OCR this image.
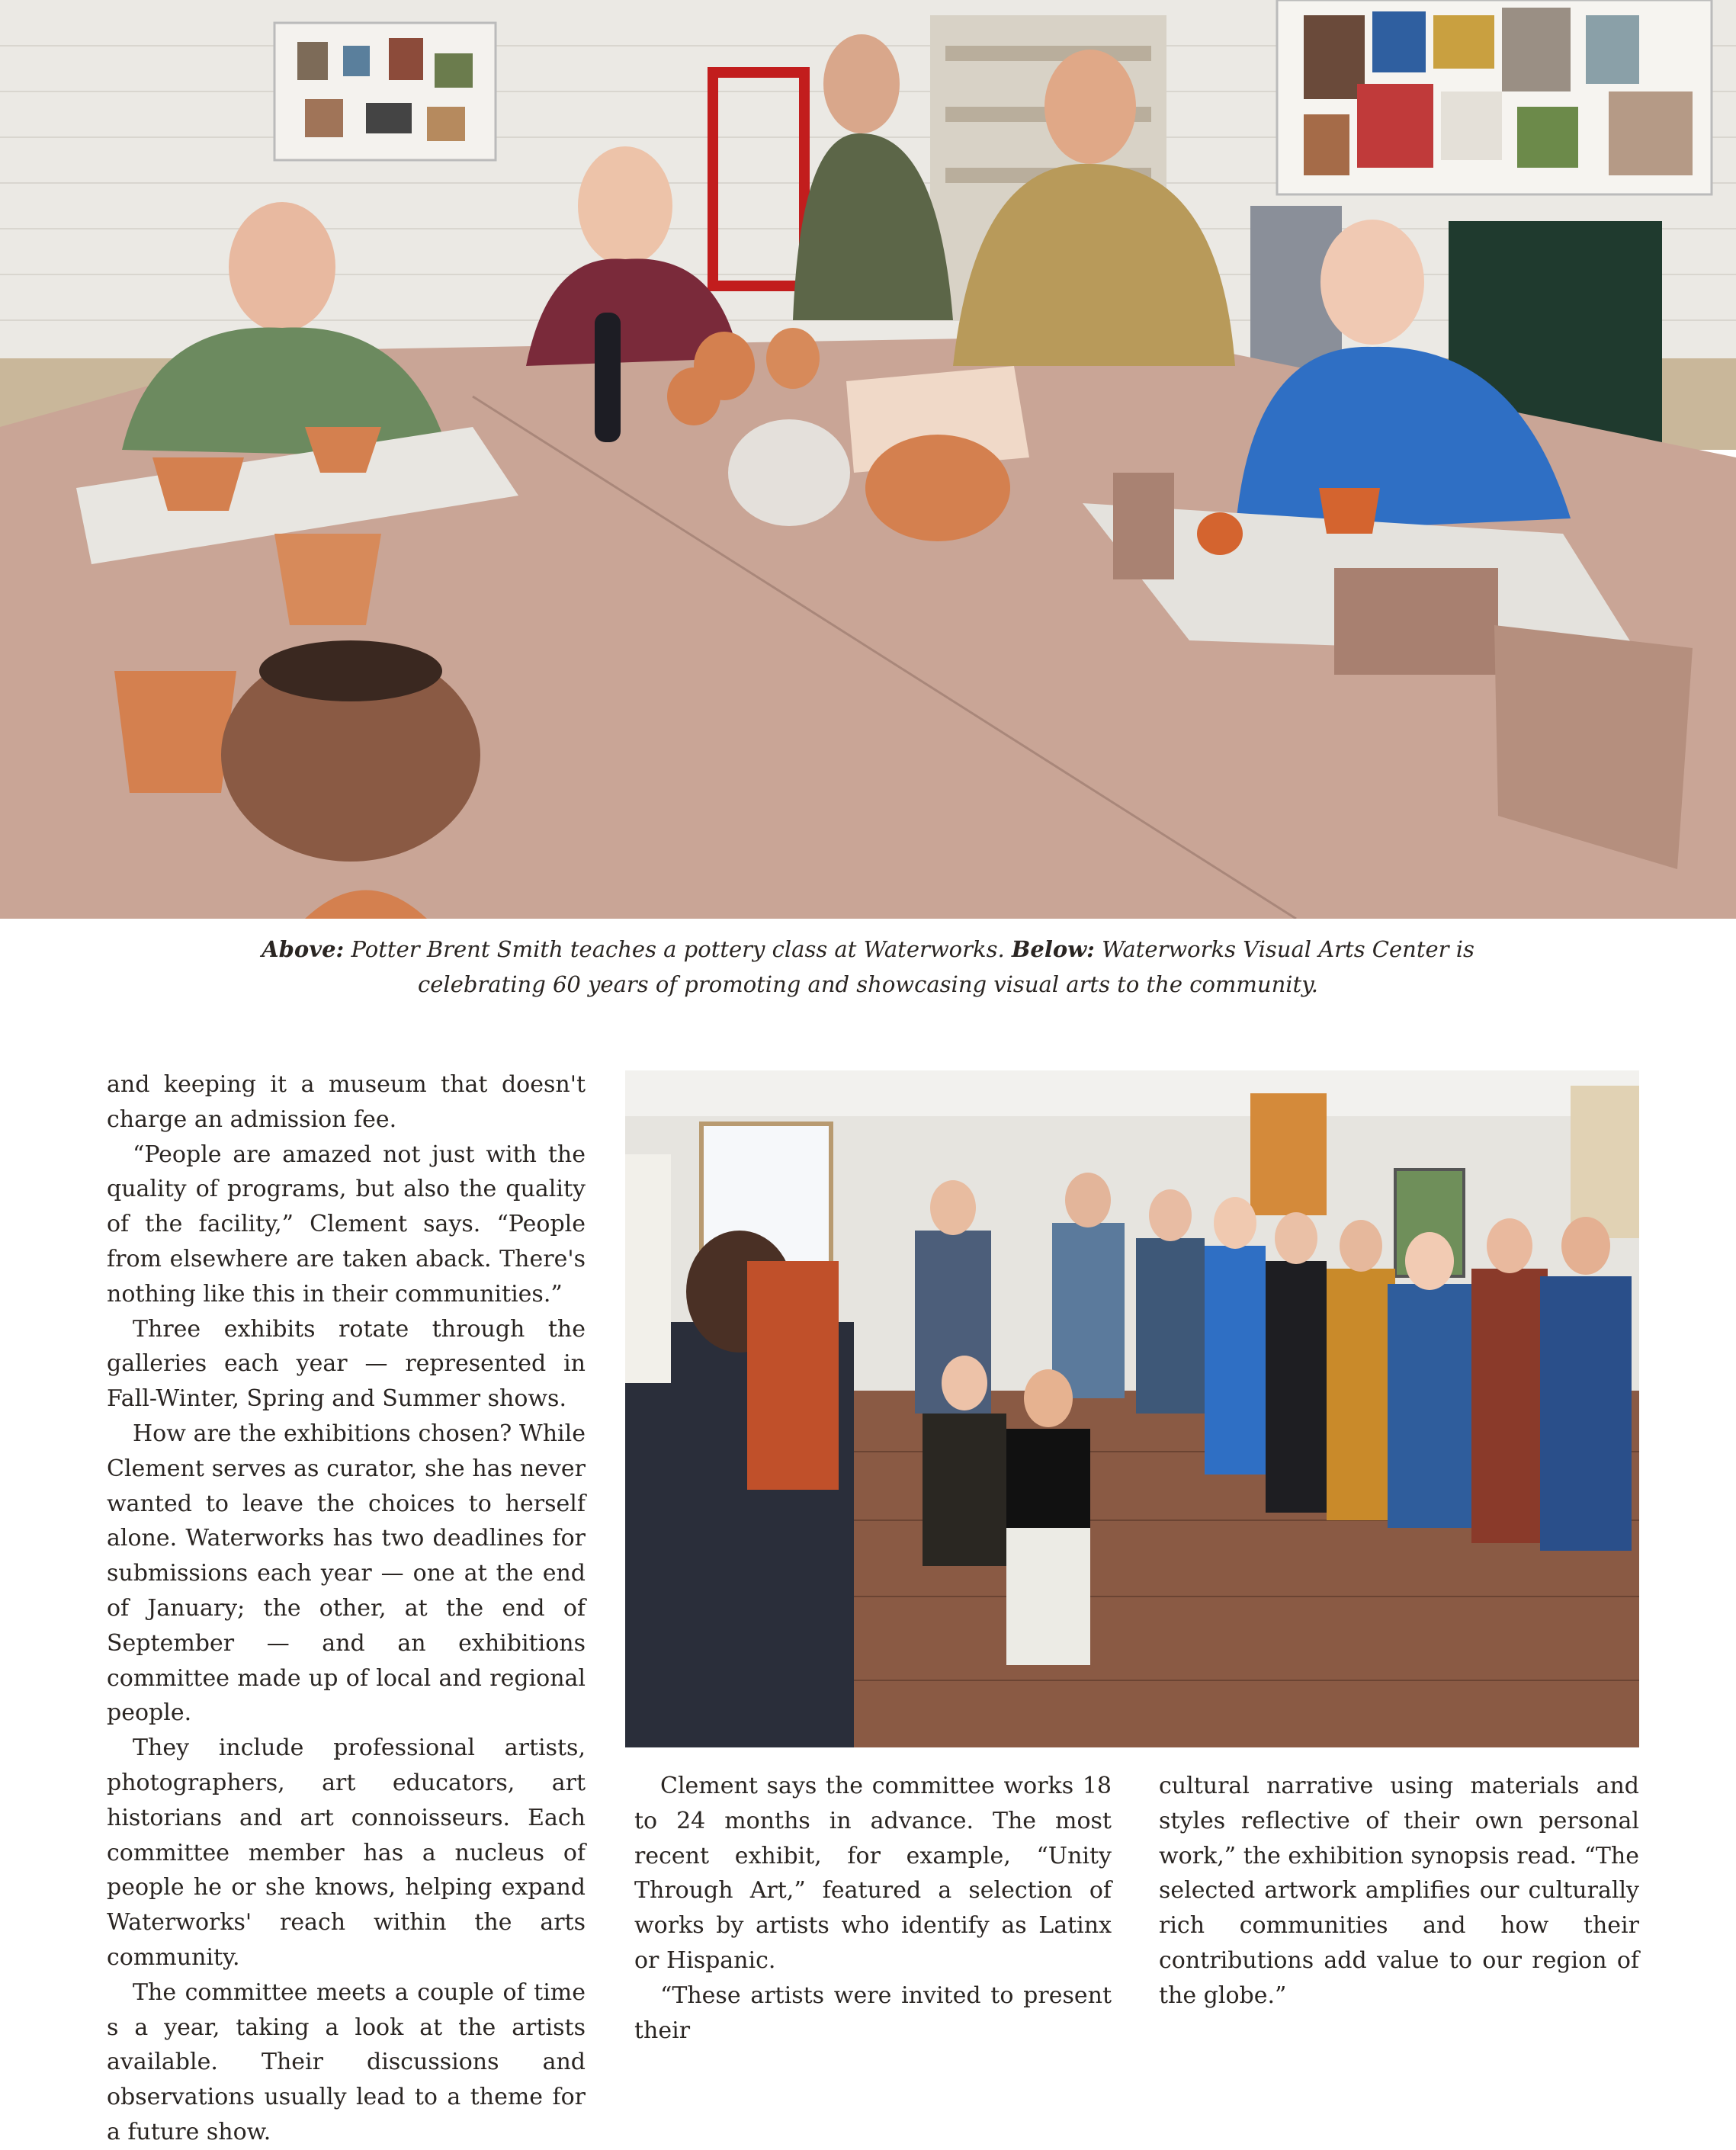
Above: Potter Brent Smith teaches a pottery class at Waterworks. Below: Waterworks Visual Arts Center is celebrating 60 years of promoting and showcasing visual arts to the community.

and keeping it a museum that doesn't charge an admission fee.

“People are amazed not just with the quality of programs, but also the quality of the facility,” Clement says. “People from elsewhere are taken aback. There's nothing like this in their communities.”

Three exhibits rotate through the galleries each year — represented in Fall-Winter, Spring and Summer shows.

How are the exhibitions chosen? While Clement serves as curator, she has never wanted to leave the choices to herself alone. Waterworks has two deadlines for submissions each year — one at the end of January; the other, at the end of September — and an exhibitions committee made up of local and regional people.

They include professional artists, photographers, art educators, art historians and art connoisseurs. Each committee member has a nucleus of people he or she knows, helping expand Waterworks' reach within the arts community.

The committee meets a couple of time s a year, taking a look at the artists available. Their discussions and observations usually lead to a theme for a future show.

Clement says the committee works 18 to 24 months in advance. The most recent exhibit, for example, “Unity Through Art,” featured a selection of works by artists who identify as Latinx or Hispanic.

“These artists were invited to present their

cultural narrative using materials and styles reflective of their own personal work,” the exhibition synopsis read. “The selected artwork amplifies our culturally rich communities and how their contributions add value to our region of the globe.”
